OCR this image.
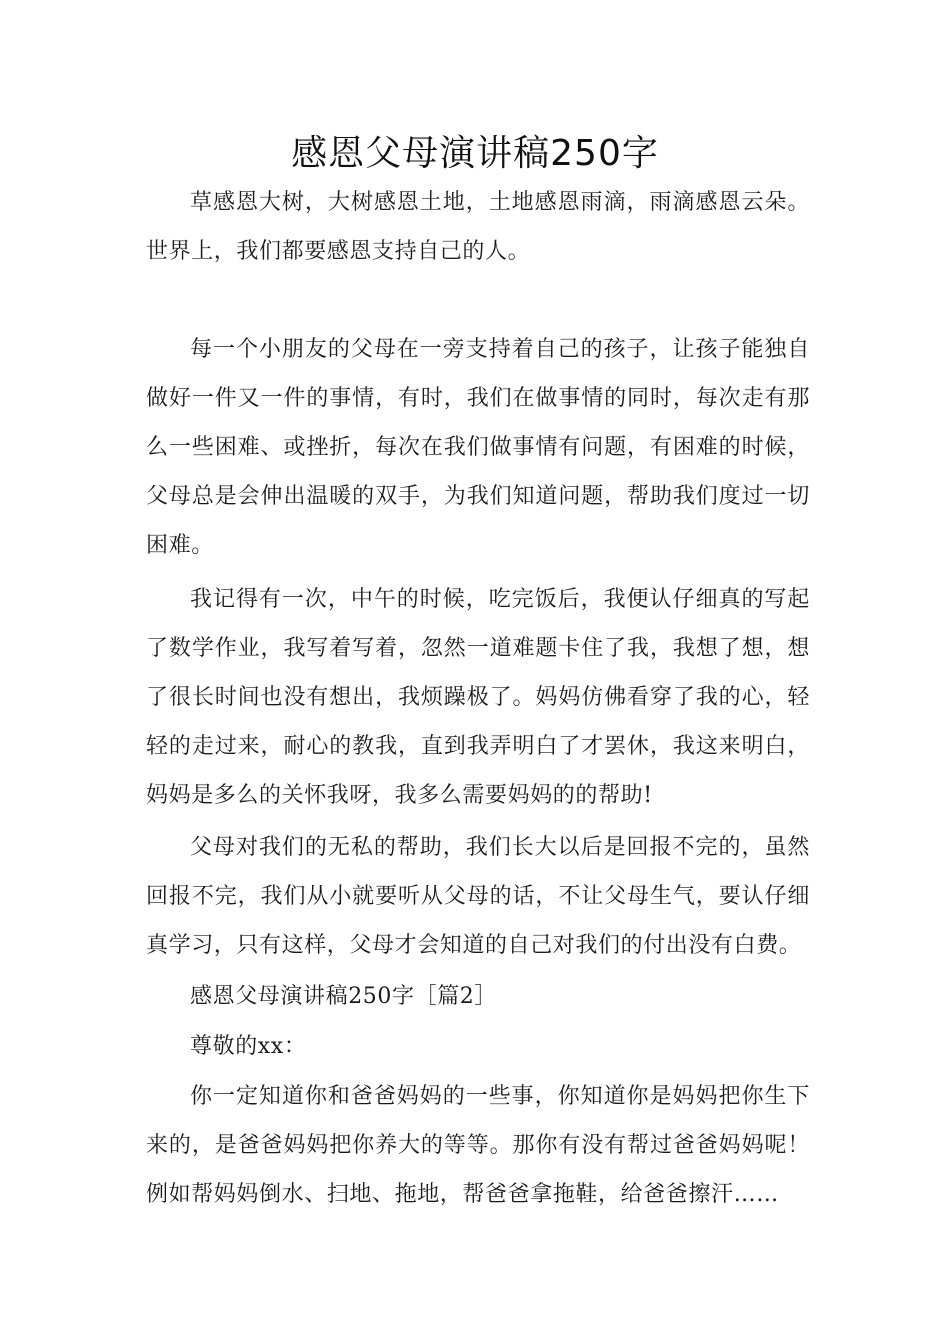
感恩父母演讲稿250字

草感恩大树，大树感恩土地，土地感恩雨滴，雨滴感恩云朵。世界上，我们都要感恩支持自己的人。

每一个小朋友的父母在一旁支持着自己的孩子，让孩子能独自做好一件又一件的事情，有时，我们在做事情的同时，每次走有那么一些困难、或挫折，每次在我们做事情有问题，有困难的时候，父母总是会伸出温暖的双手，为我们知道问题，帮助我们度过一切困难。

我记得有一次，中午的时候，吃完饭后，我便认仔细真的写起了数学作业，我写着写着，忽然一道难题卡住了我，我想了想，想了很长时间也没有想出，我烦躁极了。妈妈仿佛看穿了我的心，轻轻的走过来，耐心的教我，直到我弄明白了才罢休，我这来明白，妈妈是多么的关怀我呀，我多么需要妈妈的的帮助!

父母对我们的无私的帮助，我们长大以后是回报不完的，虽然回报不完，我们从小就要听从父母的话，不让父母生气，要认仔细真学习，只有这样，父母才会知道的自己对我们的付出没有白费。

感恩父母演讲稿250字［篇2］

尊敬的xx：

你一定知道你和爸爸妈妈的一些事，你知道你是妈妈把你生下来的，是爸爸妈妈把你养大的等等。那你有没有帮过爸爸妈妈呢！例如帮妈妈倒水、扫地、拖地，帮爸爸拿拖鞋，给爸爸擦汗……
